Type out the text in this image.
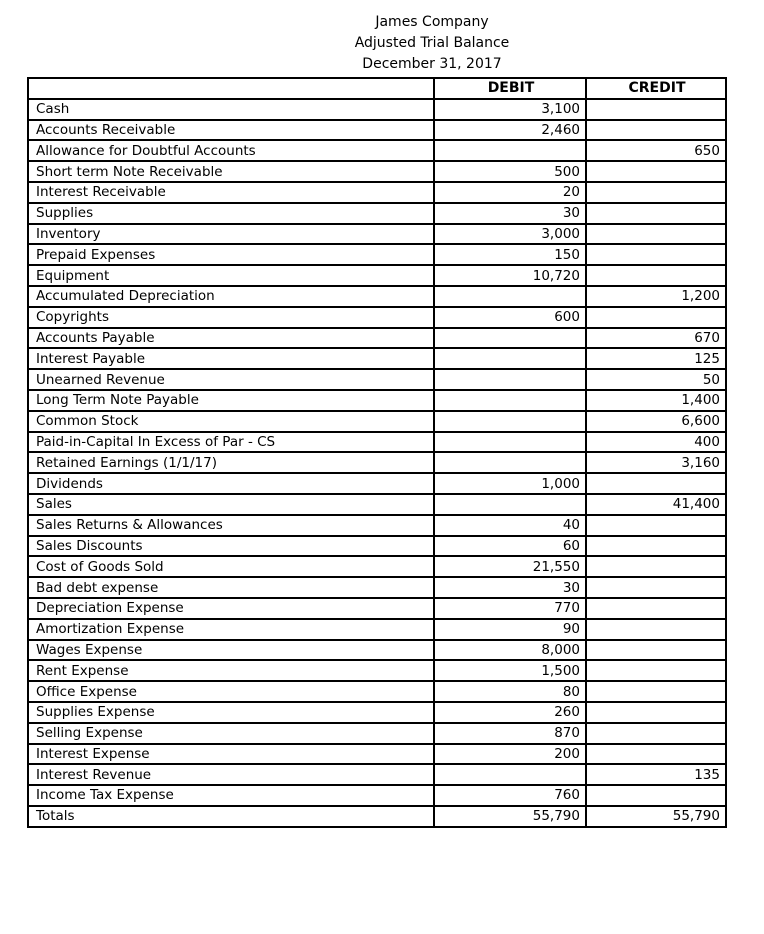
James Company
Adjusted Trial Balance
December 31, 2017
	DEBIT	CREDIT
Cash	3,100	
Accounts Receivable	2,460	
Allowance for Doubtful Accounts		650
Short term Note Receivable	500	
Interest Receivable	20	
Supplies	30	
Inventory	3,000	
Prepaid Expenses	150	
Equipment	10,720	
Accumulated Depreciation		1,200
Copyrights	600	
Accounts Payable		670
Interest Payable		125
Unearned Revenue		50
Long Term Note Payable		1,400
Common Stock		6,600
Paid-in-Capital In Excess of Par - CS		400
Retained Earnings (1/1/17)		3,160
Dividends	1,000	
Sales		41,400
Sales Returns & Allowances	40	
Sales Discounts	60	
Cost of Goods Sold	21,550	
Bad debt expense	30	
Depreciation Expense	770	
Amortization Expense	90	
Wages Expense	8,000	
Rent Expense	1,500	
Office Expense	80	
Supplies Expense	260	
Selling Expense	870	
Interest Expense	200	
Interest Revenue		135
Income Tax Expense	760	
Totals	55,790	55,790
